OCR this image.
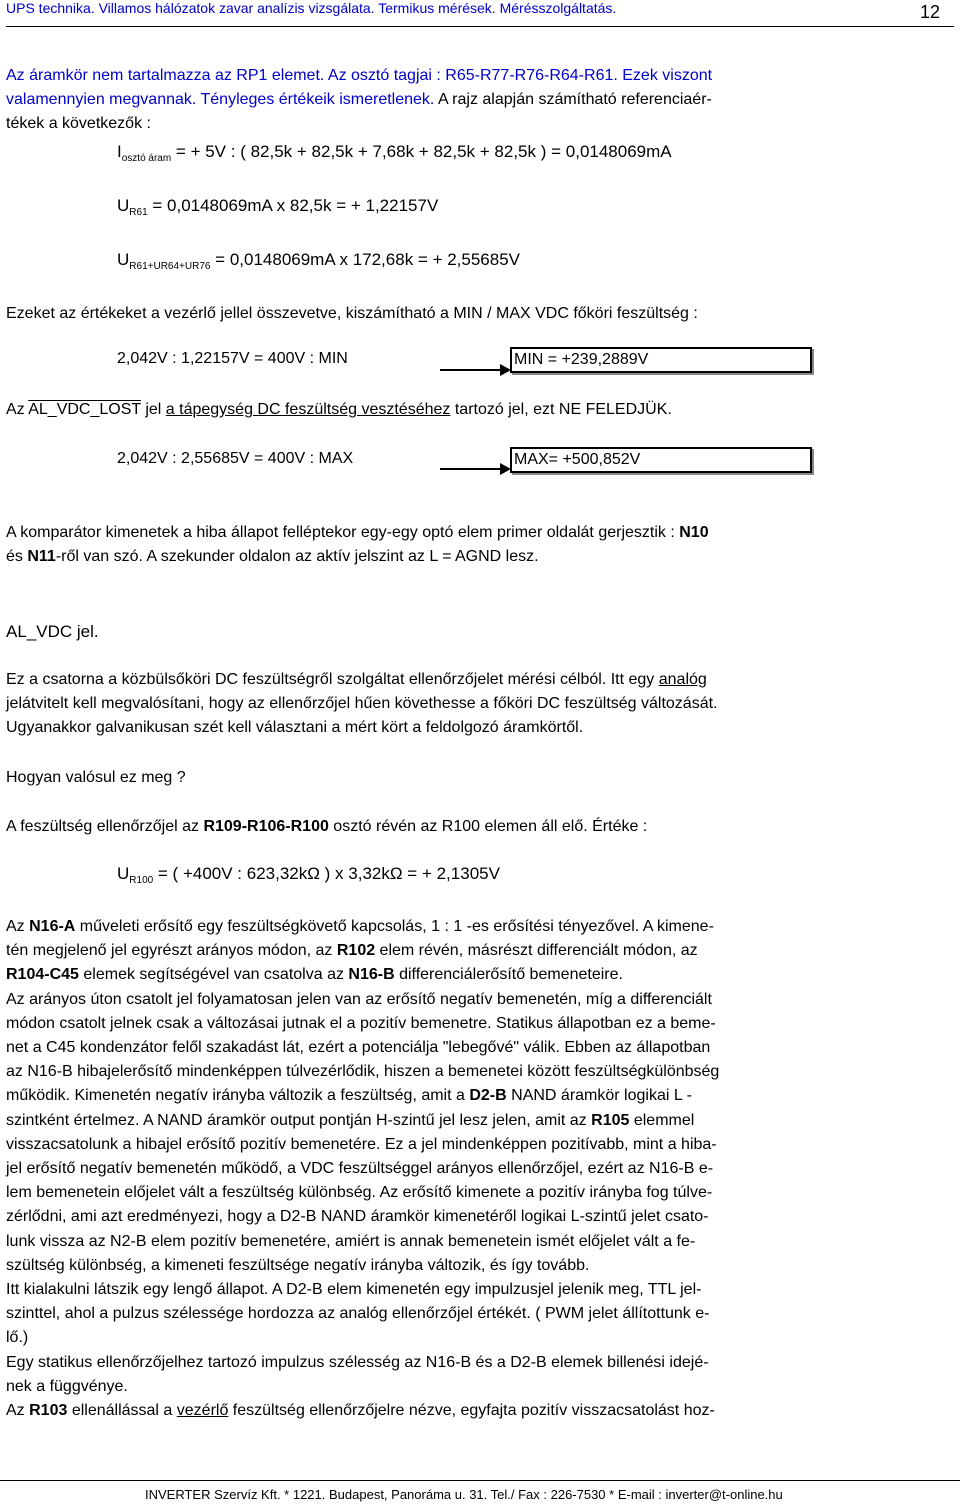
UPS technika. Villamos hálózatok zavar analízis vizsgálata. Termikus mérések. Mérésszolgáltatás.	12

Az áramkör nem tartalmazza az RP1 elemet. Az osztó tagjai : R65-R77-R76-R64-R61. Ezek viszont
valamennyien megvannak. Tényleges értékeik ismeretlenek. A rajz alapján számítható referenciaér-
tékek a következők :

$I_{osztó áram}$ = + 5V : ( 82,5k + 82,5k + 7,68k + 82,5k + 82,5k ) = 0,0148069mA
$U_{R61} = 0,0148069mA$ x 82,5k = + 1,22157V
$U_{R61+UR64+UR76} = 0,0148069mA$ x 172,68k = + 2,55685V

Ezeket az értékeket a vezérlő jellel összevetve, kiszámítható a MIN / MAX VDC főköri feszültség :

2,042V : 1,22157V = 400V : MIN	MIN = +239,2889V

Az AL_VDC_LOST jel a tápegység DC feszültség vesztéséhez tartozó jel, ezt NE FELEDJÜK.

2,042V : 2,55685V = 400V : MAX	MAX= +500,852V

A komparátor kimenetek a hiba állapot felléptekor egy-egy optó elem primer oldalát gerjesztik : N10
és N11-ről van szó. A szekunder oldalon az aktív jelszint az L = AGND lesz.

AL_VDC jel.

Ez a csatorna a közbülsőköri DC feszültségről szolgáltat ellenőrzőjelet mérési célból. Itt egy analóg
jelátvitelt kell megvalósítani, hogy az ellenőrzőjel hűen követhesse a főköri DC feszültség változását.
Ugyanakkor galvanikusan szét kell választani a mért kört a feldolgozó áramkörtől.

Hogyan valósul ez meg ?

A feszültség ellenőrzőjel az R109-R106-R100 osztó révén az R100 elemen áll elő. Értéke :

$U_{R100}$ = ( +400V : 623,32kΩ ) x 3,32kΩ = + 2,1305V

Az N16-A műveleti erősítő egy feszültségkövető kapcsolás, 1 : 1 -es erősítési tényezővel. A kimene-
tén megjelenő jel egyrészt arányos módon, az R102 elem révén, másrészt differenciált módon, az
R104-C45 elemek segítségével van csatolva az N16-B differenciálerősítő bemeneteire.
Az arányos úton csatolt jel folyamatosan jelen van az erősítő negatív bemenetén, míg a differenciált
módon csatolt jelnek csak a változásai jutnak el a pozitív bemenetre. Statikus állapotban ez a beme-
net a C45 kondenzátor felől szakadást lát, ezért a potenciálja "lebegővé" válik. Ebben az állapotban
az N16-B hibajelerősítő mindenképpen túlvezérlődik, hiszen a bemenetei között feszültségkülönbség
működik. Kimenetén negatív irányba változik a feszültség, amit a D2-B NAND áramkör logikai L -
szintként értelmez. A NAND áramkör output pontján H-szintű jel lesz jelen, amit az R105 elemmel
visszacsatolunk a hibajel erősítő pozitív bemenetére. Ez a jel mindenképpen pozitívabb, mint a hiba-
jel erősítő negatív bemenetén működő, a VDC feszültséggel arányos ellenőrzőjel, ezért az N16-B e-
lem bemenetein előjelet vált a feszültség különbség. Az erősítő kimenete a pozitív irányba fog túlve-
zérlődni, ami azt eredményezi, hogy a D2-B NAND áramkör kimenetéről logikai L-szintű jelet csato-
lunk vissza az N2-B elem pozitív bemenetére, amiért is annak bemenetein ismét előjelet vált a fe-
szültség különbség, a kimeneti feszültsége negatív irányba változik, és így tovább.
Itt kialakulni látszik egy lengő állapot. A D2-B elem kimenetén egy impulzusjel jelenik meg, TTL jel-
szinttel, ahol a pulzus szélessége hordozza az analóg ellenőrzőjel értékét. ( PWM jelet állítottunk e-
lő.)
Egy statikus ellenőrzőjelhez tartozó impulzus szélesség az N16-B és a D2-B elemek billenési idejé-
nek a függvénye.
Az R103 ellenállással a vezérlő feszültség ellenőrzőjelre nézve, egyfajta pozitív visszacsatolást hoz-

INVERTER Szervíz Kft. * 1221. Budapest, Panoráma u. 31. Tel./ Fax : 226-7530 * E-mail : inverter@t-online.hu
